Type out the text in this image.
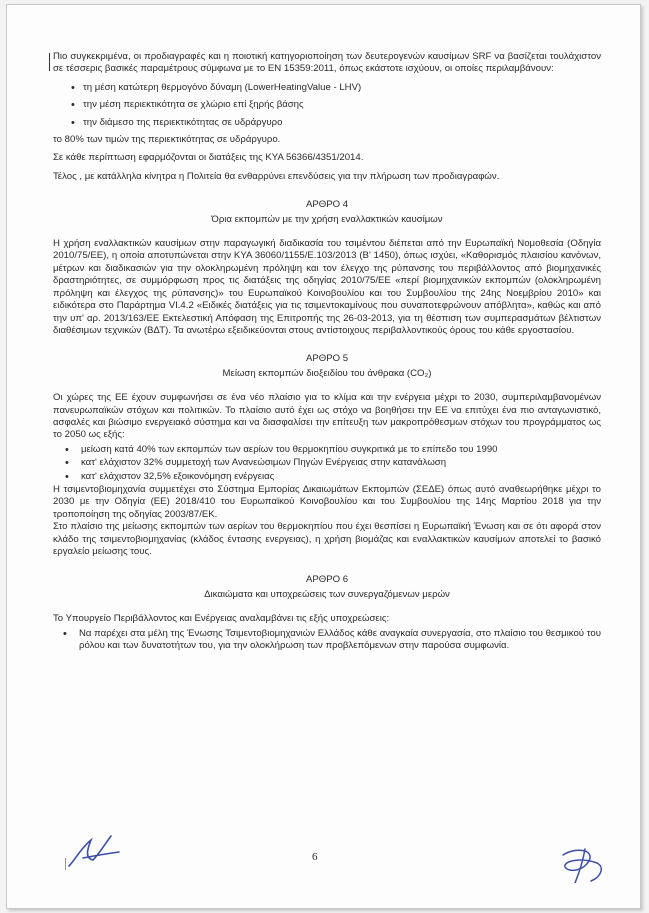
Πιο συγκεκριμένα, οι προδιαγραφές και η ποιοτική κατηγοριοποίηση των δευτερογενών καυσίμων SRF να βασίζεται τουλάχιστον σε τέσσερις βασικές παραμέτρους σύμφωνα με το ΕΝ 15359:2011, όπως εκάστοτε ισχύουν, οι οποίες περιλαμβάνουν:

• τη μέση κατώτερη θερμογόνο δύναμη (LowerHeatingValue - LHV)
• την μέση περιεκτικότητα σε χλώριο επί ξηρής βάσης
• την διάμεσο της περιεκτικότητας σε υδράργυρο

το 80% των τιμών της περιεκτικότητας σε υδράργυρο.

Σε κάθε περίπτωση εφαρμόζονται οι διατάξεις της ΚΥΑ 56366/4351/2014.

Τέλος , με κατάλληλα κίνητρα η Πολιτεία θα ενθαρρύνει επενδύσεις για την πλήρωση των προδιαγραφών.

ΑΡΘΡΟ 4
Όρια εκπομπών με την χρήση εναλλακτικών καυσίμων

Η χρήση εναλλακτικών καυσίμων στην παραγωγική διαδικασία του τσιμέντου διέπεται από την Ευρωπαϊκή Νομοθεσία (Οδηγία 2010/75/ΕΕ), η οποία αποτυπώνεται στην ΚΥΑ 36060/1155/Ε.103/2013 (Β' 1450), όπως ισχύει, «Καθορισμός πλαισίου κανόνων, μέτρων και διαδικασιών για την ολοκληρωμένη πρόληψη και τον έλεγχο της ρύπανσης του περιβάλλοντος από βιομηχανικές δραστηριότητες, σε συμμόρφωση προς τις διατάξεις της οδηγίας 2010/75/ΕΕ «περί βιομηχανικών εκπομπών (ολοκληρωμένη πρόληψη και έλεγχος της ρύπανσης)» του Ευρωπαϊκού Κοινοβουλίου και του Συμβουλίου της 24ης Νοεμβρίου 2010» και ειδικότερα στο Παράρτημα VI.4.2 «Ειδικές διατάξεις για τις τσιμεντοκαμίνους που συναποτεφρώνουν απόβλητα», καθώς και από την υπ' αρ. 2013/163/ΕΕ Εκτελεστική Απόφαση της Επιτροπής της 26-03-2013, για τη θέσπιση των συμπερασμάτων βέλτιστων διαθέσιμων τεχνικών (ΒΔΤ). Τα ανωτέρω εξειδικεύονται στους αντίστοιχους περιβαλλοντικούς όρους του κάθε εργοστασίου.

ΑΡΘΡΟ 5
Μείωση εκπομπών διοξειδίου του άνθρακα (CO₂)

Οι χώρες της ΕΕ έχουν συμφωνήσει σε ένα νέο πλαίσιο για το κλίμα και την ενέργεια μέχρι το 2030, συμπεριλαμβανομένων πανευρωπαϊκών στόχων και πολιτικών. Το πλαίσιο αυτό έχει ως στόχο να βοηθήσει την ΕΕ να επιτύχει ένα πιο ανταγωνιστικό, ασφαλές και βιώσιμο ενεργειακό σύστημα και να διασφαλίσει την επίτευξη των μακροπρόθεσμων στόχων του προγράμματος ως το 2050 ως εξής:

• μείωση κατά 40% των εκπομπών των αερίων του θερμοκηπίου συγκριτικά με το επίπεδο του 1990
• κατ' ελάχιστον 32% συμμετοχή των Ανανεώσιμων Πηγών Ενέργειας στην κατανάλωση
• κατ' ελάχιστον 32,5% εξοικονόμηση ενέργειας

Η τσιμεντοβιομηχανία συμμετέχει στο Σύστημα Εμπορίας Δικαιωμάτων Εκπομπών (ΣΕΔΕ) όπως αυτό αναθεωρήθηκε μέχρι το 2030 με την Οδηγία (ΕΕ) 2018/410 του Ευρωπαϊκού Κοινοβουλίου και του Συμβουλίου της 14ης Μαρτίου 2018 για την τροποποίηση της οδηγίας 2003/87/ΕΚ.

Στο πλαίσιο της μείωσης εκπομπών των αερίων του θερμοκηπίου που έχει θεσπίσει η Ευρωπαϊκή Ένωση και σε ότι αφορά στον κλάδο της τσιμεντοβιομηχανίας (κλάδος έντασης ενεργειας), η χρήση βιομάζας και εναλλακτικών καυσίμων αποτελεί το βασικό εργαλείο μείωσης τους.

ΑΡΘΡΟ 6
Δικαιώματα και υποχρεώσεις των συνεργαζόμενων μερών

Το Υπουργείο Περιβάλλοντος και Ενέργειας αναλαμβάνει τις εξής υποχρεώσεις:

• Να παρέχει στα μέλη της Ένωσης Τσιμεντοβιομηχανιών Ελλάδος κάθε αναγκαία συνεργασία, στο πλαίσιο του θεσμικού του ρόλου και των δυνατοτήτων του, για την ολοκλήρωση των προβλεπόμενων στην παρούσα συμφωνία.
6
